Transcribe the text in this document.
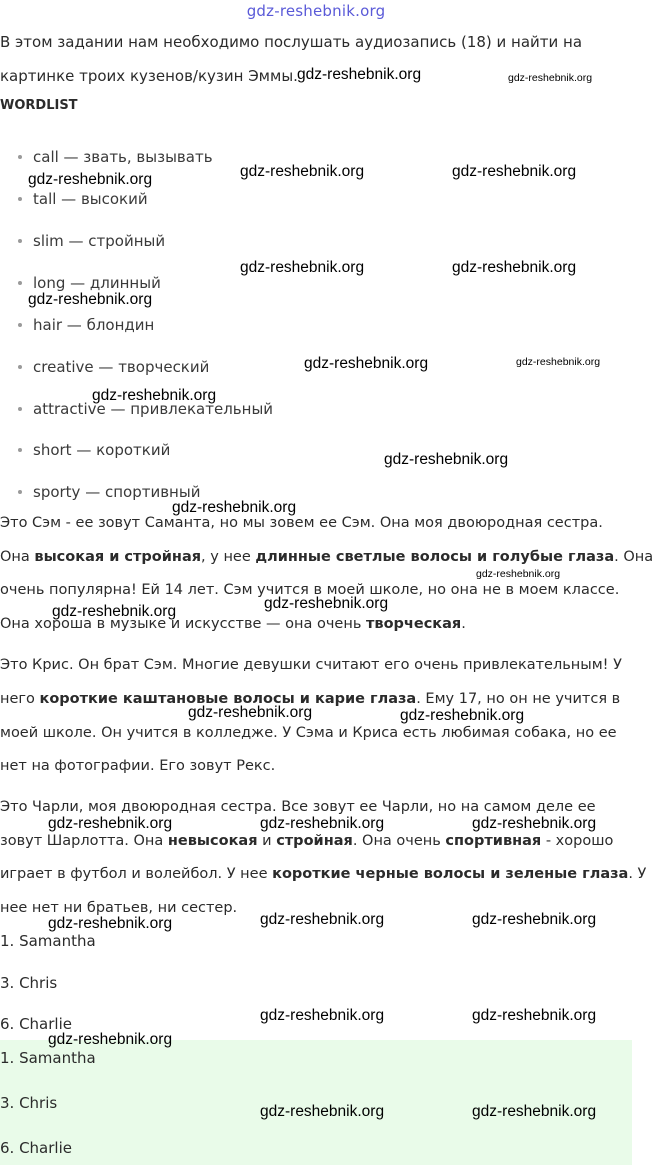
gdz-reshebnik.org
В этом задании нам необходимо послушать аудиозапись (18) и найти на
картинке троих кузенов/кузин Эммы.
WORDLIST
call — звать, вызывать
tall — высокий
slim — стройный
long — длинный
hair — блондин
creative — творческий
attractive — привлекательный
short — короткий
sporty — спортивный
Это Сэм - ее зовут Саманта, но мы зовем ее Сэм. Она моя двоюродная сестра.
Она высокая и стройная, у нее длинные светлые волосы и голубые глаза. Она
очень популярна! Ей 14 лет. Сэм учится в моей школе, но она не в моем классе.
Она хороша в музыке и искусстве — она очень творческая.
Это Крис. Он брат Сэм. Многие девушки считают его очень привлекательным! У
него короткие каштановые волосы и карие глаза. Ему 17, но он не учится в
моей школе. Он учится в колледже. У Сэма и Криса есть любимая собака, но ее
нет на фотографии. Его зовут Рекс.
Это Чарли, моя двоюродная сестра. Все зовут ее Чарли, но на самом деле ее
зовут Шарлотта. Она невысокая и стройная. Она очень спортивная - хорошо
играет в футбол и волейбол. У нее короткие черные волосы и зеленые глаза. У
нее нет ни братьев, ни сестер.
1. Samantha
3. Chris
6. Charlie
1. Samantha
3. Chris
6. Charlie
gdz-reshebnik.org	gdz-reshebnik.org
gdz-reshebnik.org	gdz-reshebnik.org	gdz-reshebnik.org
gdz-reshebnik.org	gdz-reshebnik.org
gdz-reshebnik.org
gdz-reshebnik.org	gdz-reshebnik.org
gdz-reshebnik.org
gdz-reshebnik.org
gdz-reshebnik.org
gdz-reshebnik.org
gdz-reshebnik.org
gdz-reshebnik.org
gdz-reshebnik.org	gdz-reshebnik.org
gdz-reshebnik.org	gdz-reshebnik.org	gdz-reshebnik.org
gdz-reshebnik.org	gdz-reshebnik.org	gdz-reshebnik.org
gdz-reshebnik.org	gdz-reshebnik.org
gdz-reshebnik.org
gdz-reshebnik.org	gdz-reshebnik.org
